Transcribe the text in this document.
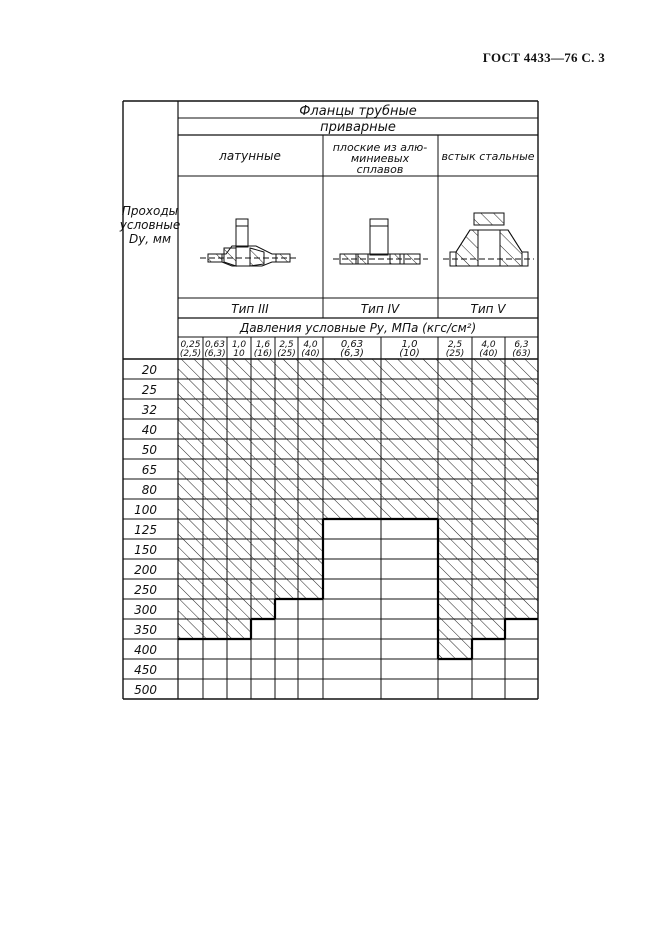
ГОСТ 4433—76 С. 3
Проходы
условные
Dу, мм
Фланцы трубные
приварные
латунные
плоские из алю-
миниевых
сплавов
встык стальные
Тип III	Тип IV	Тип V
Давления условные Pу, МПа (кгс/см²)
0,25
(2,5)
0,63
(6,3)
1,0
10
1,6
(16)
2,5
(25)
4,0
(40)
0,63
(6,3)
1,0
(10)
2,5
(25)
4,0
(40)
6,3
(63)
20
25
32
40
50
65
80
100
125
150
200
250
300
350
400
450
500
